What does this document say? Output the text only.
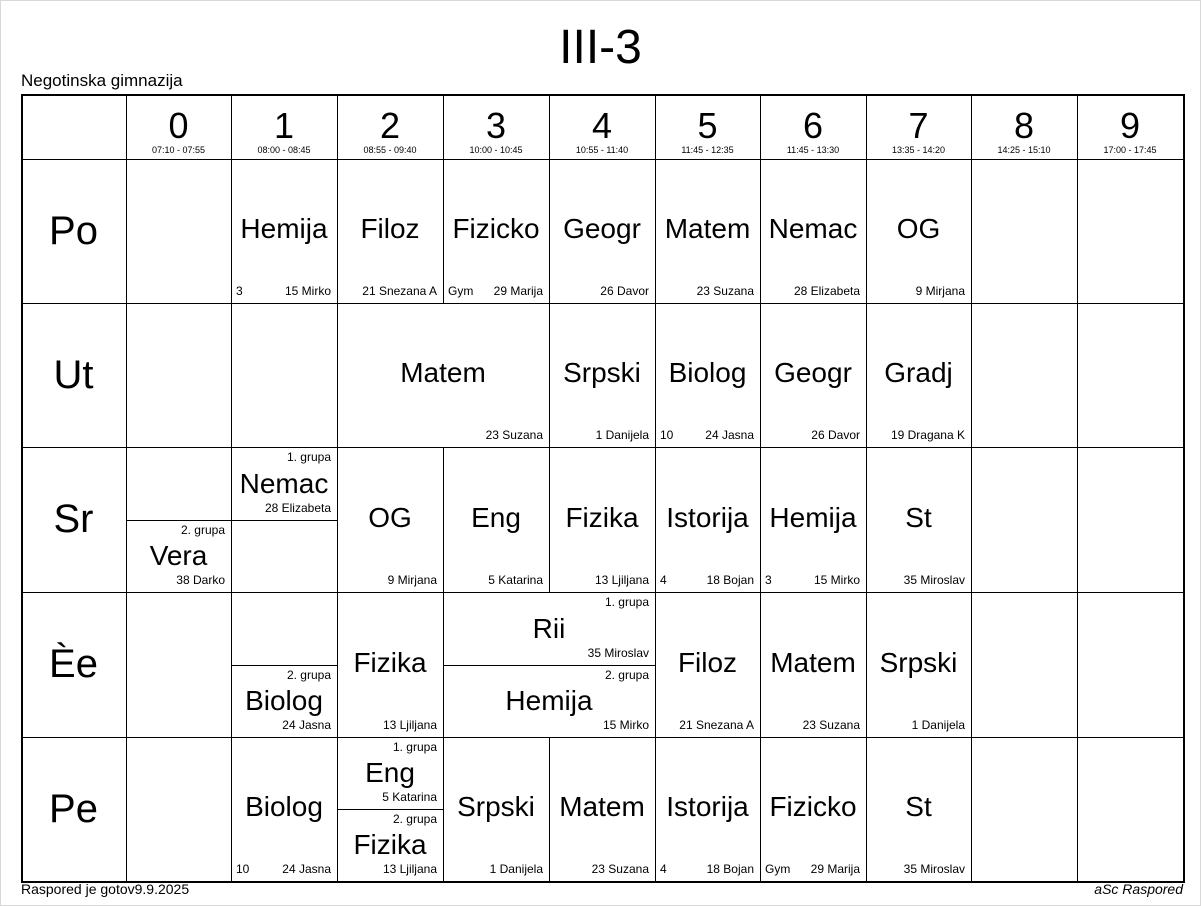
III-3
Negotinska gimnazija
0
07:10 - 07:55
1
08:00 - 08:45
2
08:55 - 09:40
3
10:00 - 10:45
4
10:55 - 11:40
5
11:45 - 12:35
6
11:45 - 13:30
7
13:35 - 14:20
8
14:25 - 15:10
9
17:00 - 17:45
Po
Ut
Sr
Èe
Pe
Hemija
15 Mirko
3
Filoz
21 Snezana A
Fizicko
29 Marija
Gym
Geogr
26 Davor
Matem
23 Suzana
Nemac
28 Elizabeta
OG
9 Mirjana
Matem
23 Suzana
Srpski
1 Danijela
Biolog
24 Jasna
10
Geogr
26 Davor
Gradj
19 Dragana K
Vera
2. grupa
38 Darko
Nemac
1. grupa
28 Elizabeta	OG
9 Mirjana
Eng
5 Katarina
Fizika
13 Ljiljana
Istorija
18 Bojan
4
Hemija
15 Mirko
3
St
35 Miroslav
Biolog
2. grupa
24 Jasna
Fizika
13 Ljiljana
Rii
1. grupa
35 Miroslav
Hemija
2. grupa
15 Mirko
Filoz
21 Snezana A
Matem
23 Suzana
Srpski
1 Danijela
Biolog
24 Jasna
10
Eng
1. grupa
5 Katarina
Fizika
2. grupa
13 Ljiljana
Srpski
1 Danijela
Matem
23 Suzana
Istorija
18 Bojan
4
Fizicko
29 Marija
Gym
St
35 Miroslav
Raspored je gotov9.9.2025	aSc Raspored
